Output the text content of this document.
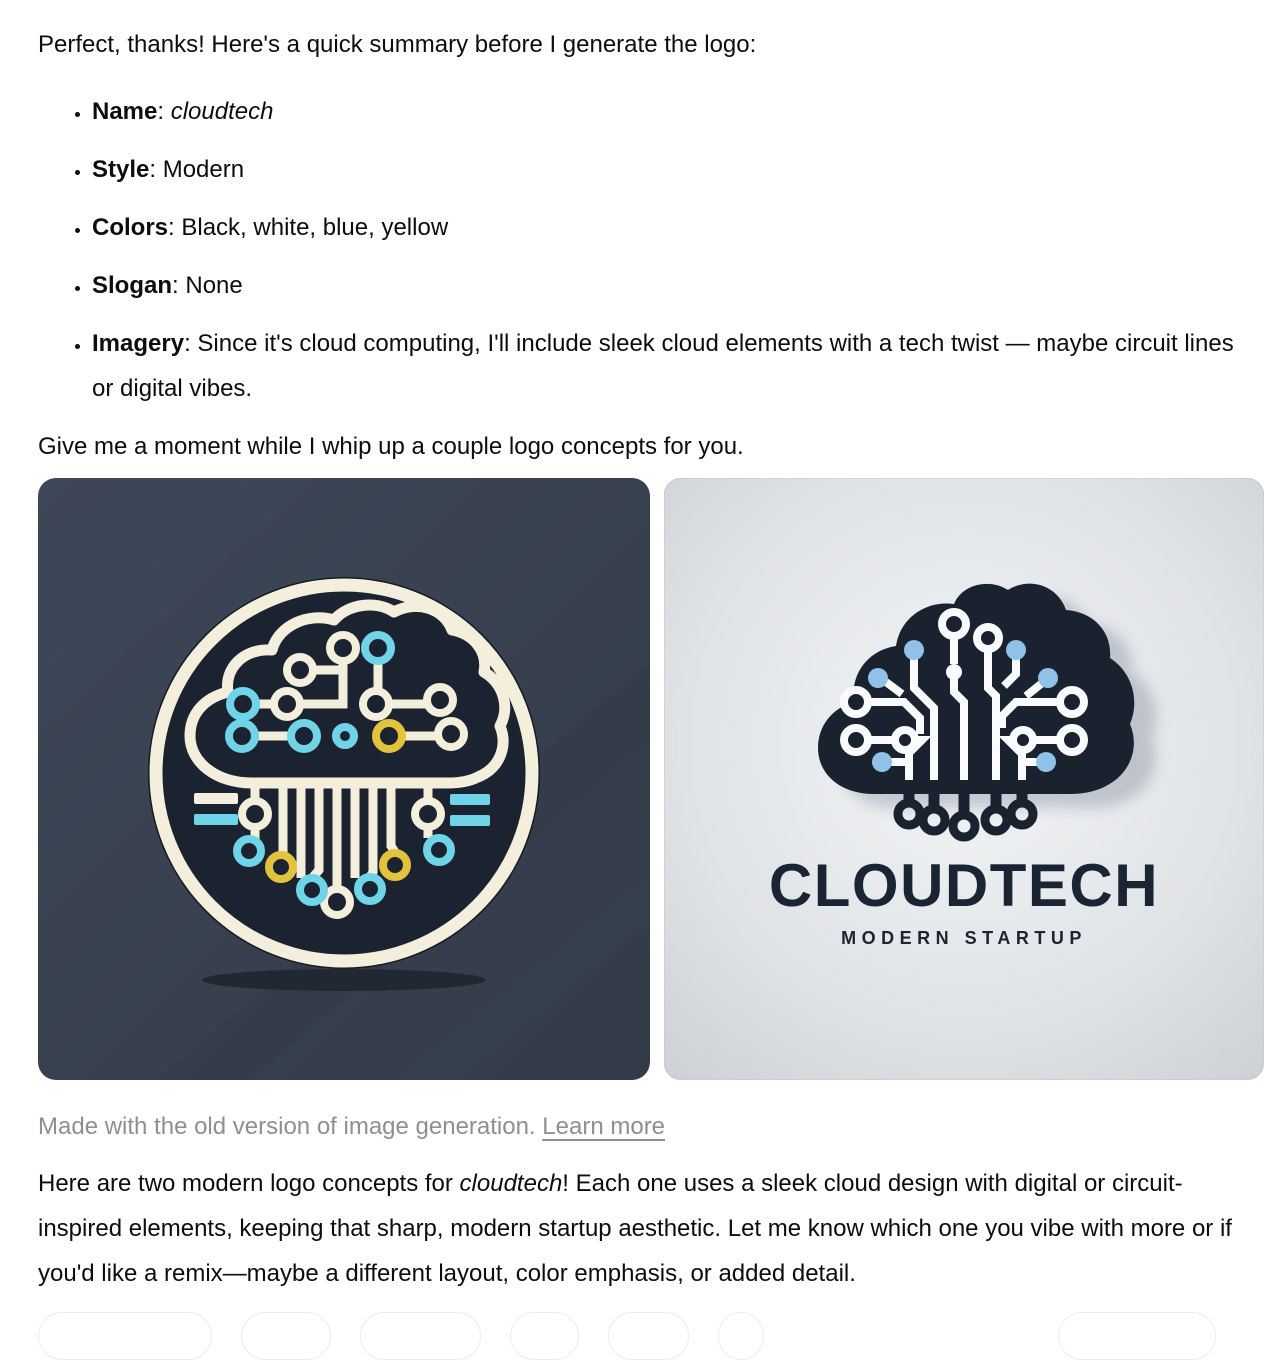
Perfect, thanks! Here's a quick summary before I generate the logo:

• Name: cloudtech
• Style: Modern
• Colors: Black, white, blue, yellow
• Slogan: None
• Imagery: Since it's cloud computing, I'll include sleek cloud elements with a tech twist — maybe circuit lines or digital vibes.

Give me a moment while I whip up a couple logo concepts for you.

CLOUDTECH
MODERN STARTUP
Made with the old version of image generation. Learn more

Here are two modern logo concepts for cloudtech! Each one uses a sleek cloud design with digital or circuit-inspired elements, keeping that sharp, modern startup aesthetic. Let me know which one you vibe with more or if you'd like a remix—maybe a different layout, color emphasis, or added detail.
